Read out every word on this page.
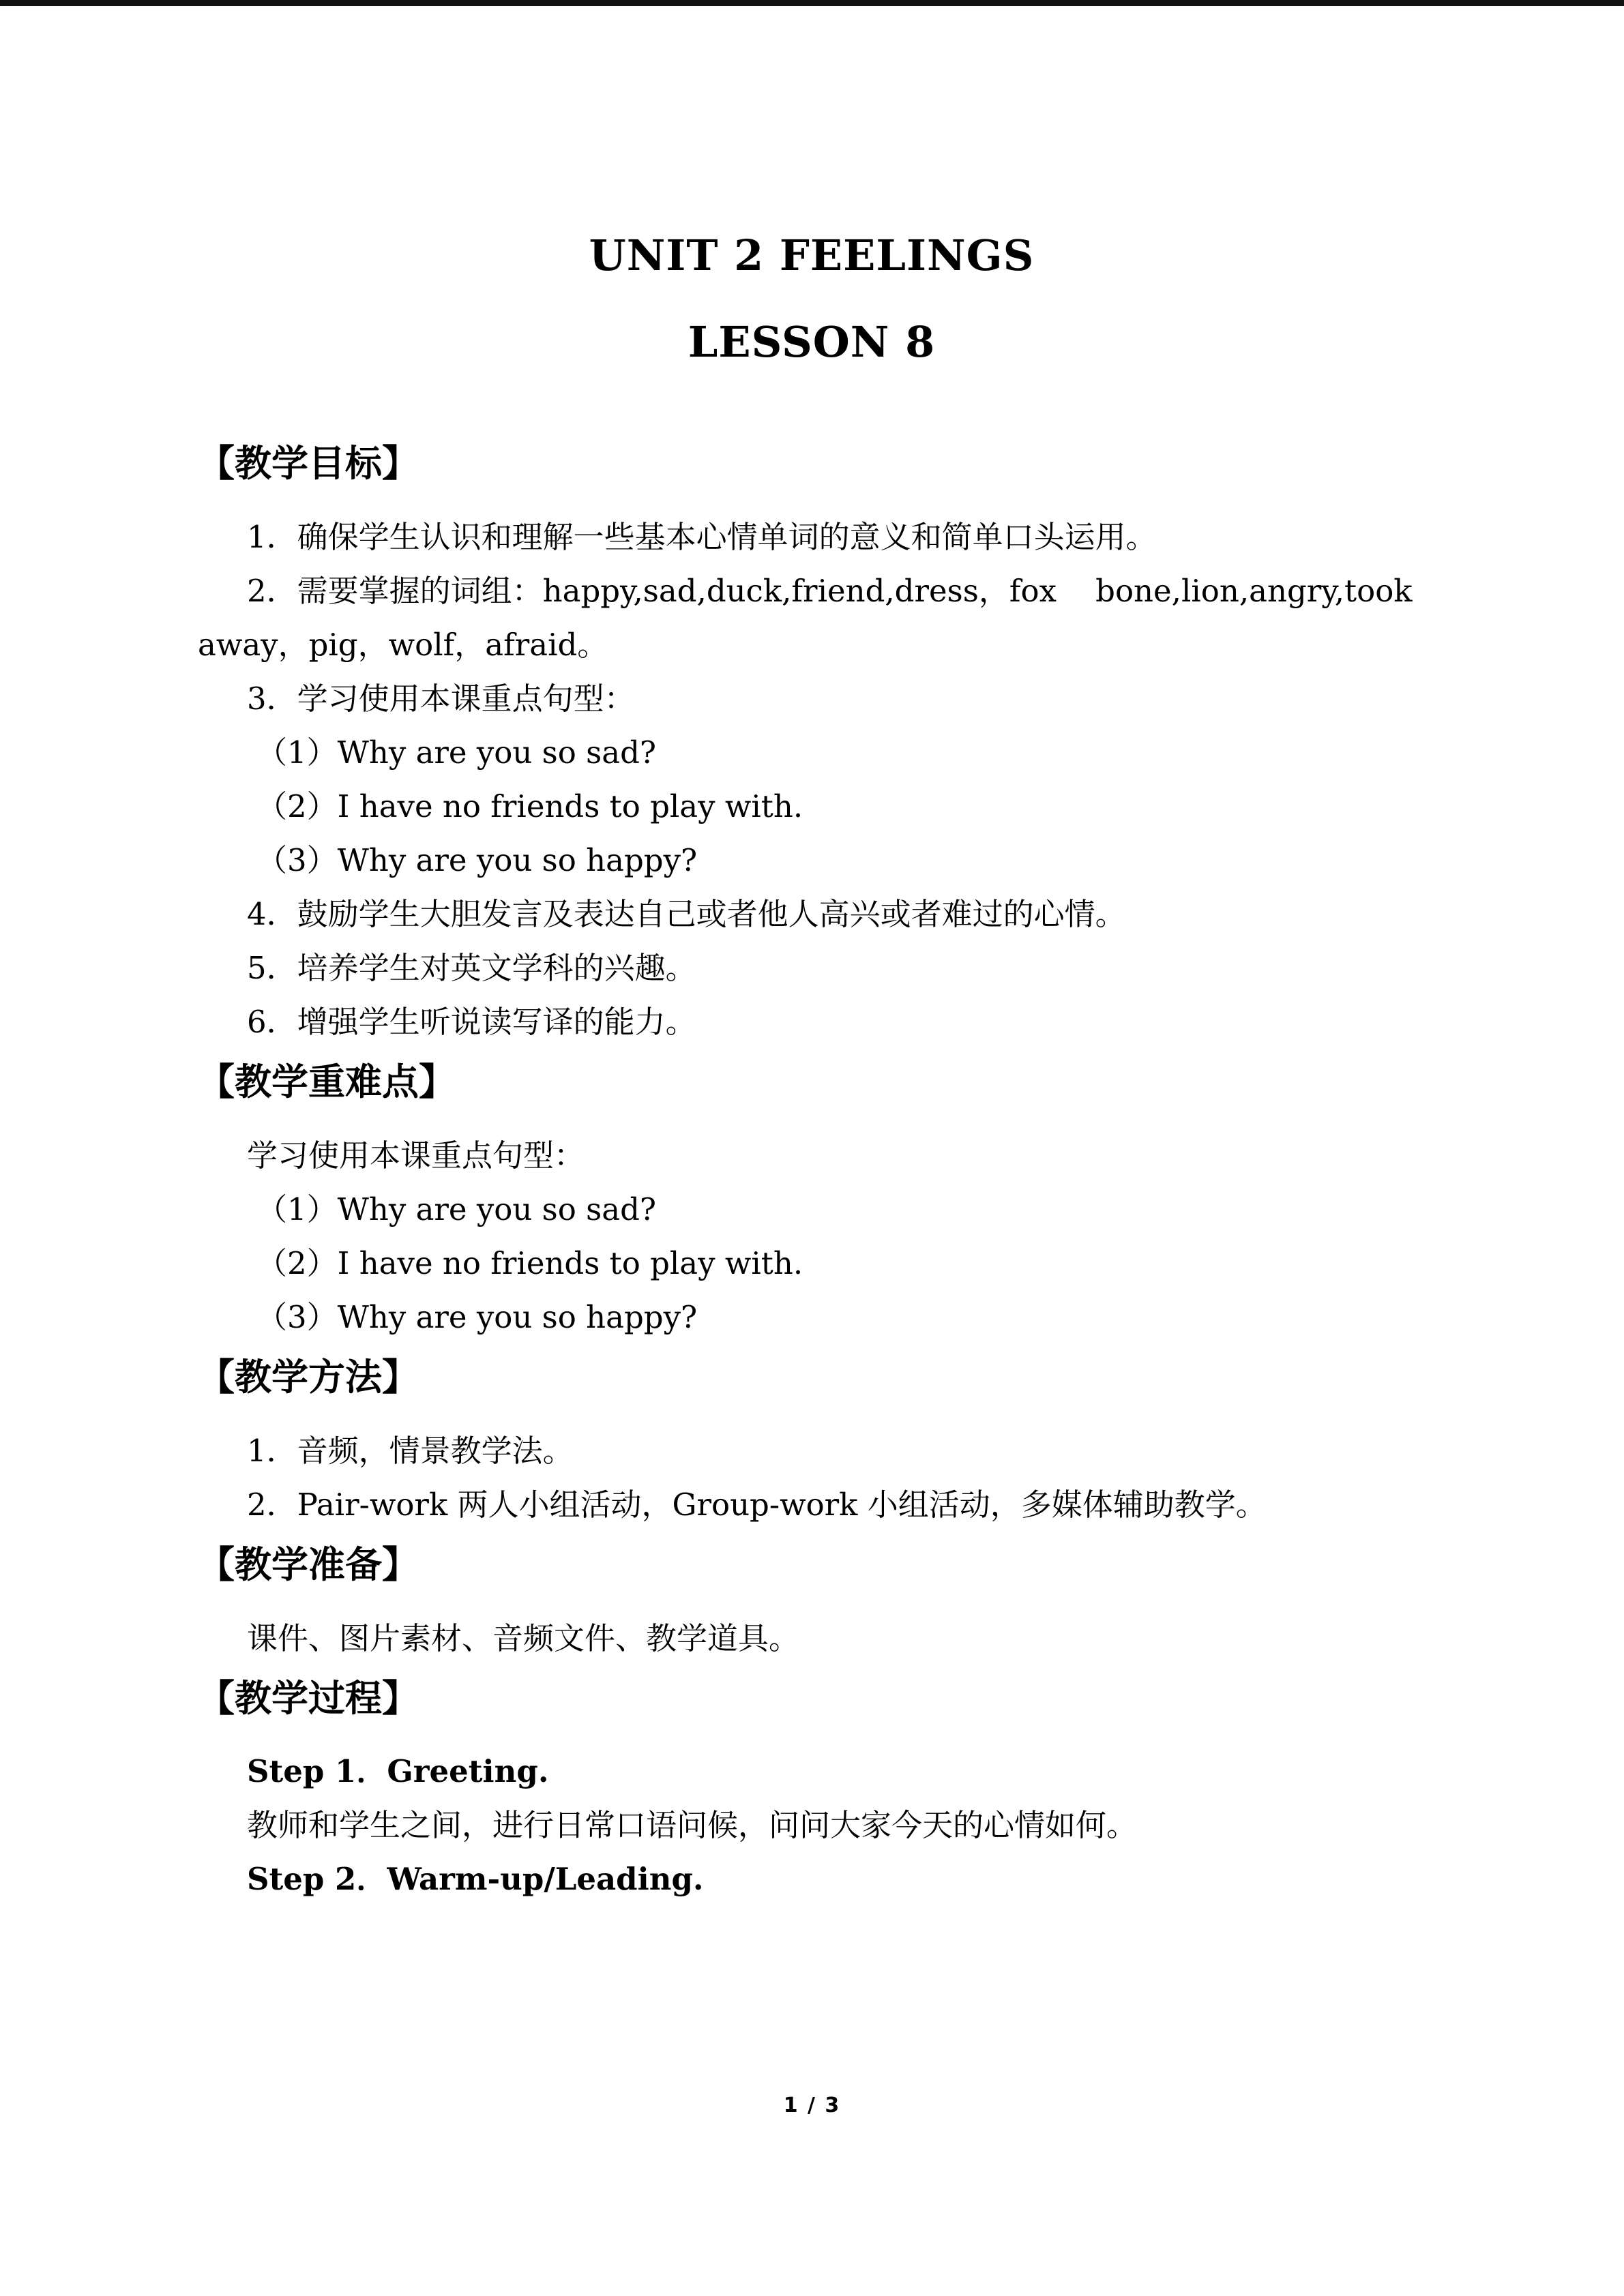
UNIT 2 FEELINGS
LESSON 8
【教学目标】
1．确保学生认识和理解一些基本心情单词的意义和简单口头运用。
2．需要掌握的词组：happy,sad,duck,friend,dress，fox    bone,lion,angry,took
away，pig，wolf，afraid。
3．学习使用本课重点句型：
（1）Why are you so sad?
（2）I have no friends to play with.
（3）Why are you so happy?
4．鼓励学生大胆发言及表达自己或者他人高兴或者难过的心情。
5．培养学生对英文学科的兴趣。
6．增强学生听说读写译的能力。
【教学重难点】
学习使用本课重点句型：
（1）Why are you so sad?
（2）I have no friends to play with.
（3）Why are you so happy?
【教学方法】
1．音频，情景教学法。
2．Pair-work 两人小组活动，Group-work 小组活动，多媒体辅助教学。
【教学准备】
课件、图片素材、音频文件、教学道具。
【教学过程】
Step 1．Greeting.
教师和学生之间，进行日常口语问候，问问大家今天的心情如何。
Step 2．Warm-up/Leading.
1 / 3
